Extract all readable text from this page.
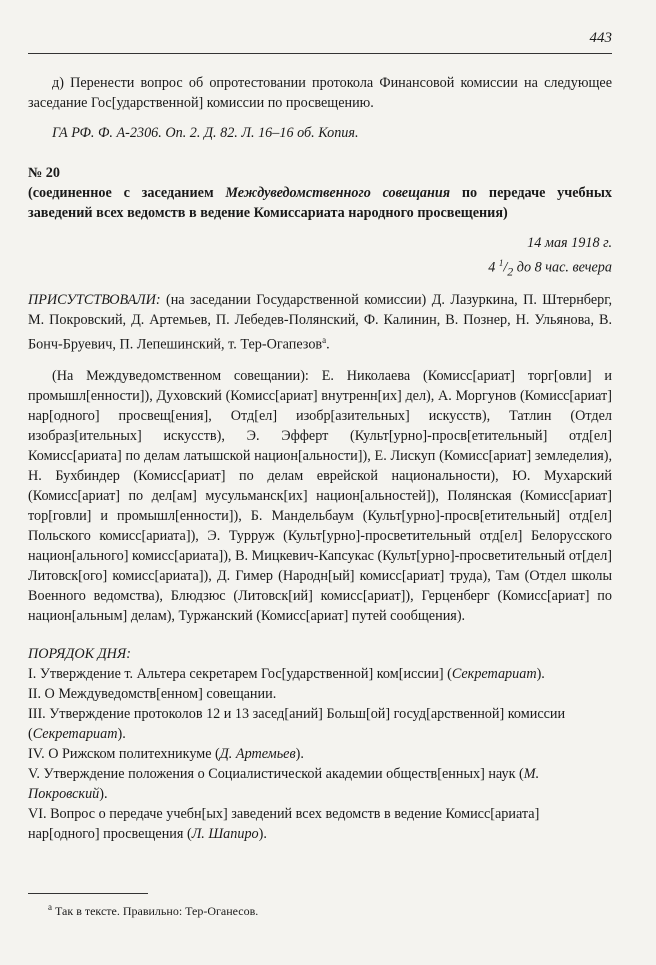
443

д) Перенести вопрос об опротестовании протокола Финансовой комиссии на следующее заседание Гос[ударственной] комиссии по просвещению.

ГА РФ. Ф. А-2306. Оп. 2. Д. 82. Л. 16–16 об. Копия.

№ 20

(соединенное с заседанием Междуведомственного совещания по передаче учебных заведений всех ведомств в ведение Комиссариата народного просвещения)

14 мая 1918 г.
4 $^1/_2$ до 8 час. вечера

ПРИСУТСТВОВАЛИ: (на заседании Государственной комиссии) Д. Лазуркина, П. Штернберг, М. Покровский, Д. Артемьев, П. Лебедев-Полянский, Ф. Калинин, В. Познер, Н. Ульянова, В. Бонч-Бруевич, П. Лепешинский, т. Тер-Огапезов$^а$.

(На Междуведомственном совещании): Е. Николаева (Комисс[ариат] торг[овли] и промышл[енности]), Духовский (Комисс[ариат] внутренн[их] дел), А. Моргунов (Комисс[ариат] нар[одного] просвещ[ения], Отд[ел] изобр[азительных] искусств), Татлин (Отдел изобраз[ительных] искусств), Э. Эфферт (Культ[урно]-просв[етительный] отд[ел] Комисс[ариата] по делам латышской национ[альности]), Е. Лискуп (Комисс[ариат] земледелия), Н. Бухбиндер (Комисс[ариат] по делам еврейской национальности), Ю. Мухарский (Комисс[ариат] по дел[ам] мусульманск[их] национ[альностей]), Полянская (Комисс[ариат] тор[говли] и промышл[енности]), Б. Мандельбаум (Культ[урно]-просв[етительный] отд[ел] Польского комисс[ариата]), Э. Турруж (Культ[урно]-просветительный отд[ел] Белорусского национ[ального] комисс[ариата]), В. Мицкевич-Капсукас (Культ[урно]-просветительный от[дел] Литовск[ого] комисс[ариата]), Д. Гимер (Народн[ый] комисс[ариат] труда), Там (Отдел школы Военного ведомства), Блюдзюс (Литовск[ий] комисс[ариат]), Герценберг (Комисс[ариат] по национ[альным] делам), Туржанский (Комисс[ариат] путей сообщения).

ПОРЯДОК ДНЯ:

I. Утверждение т. Альтера секретарем Гос[ударственной] ком[иссии] (Секретариат).

II. О Междуведомств[енном] совещании.

III. Утверждение протоколов 12 и 13 засед[аний] Больш[ой] госуд[арственной] комиссии (Секретариат).

IV. О Рижском политехникуме (Д. Артемьев).

V. Утверждение положения о Социалистической академии обществ[енных] наук (М. Покровский).

VI. Вопрос о передаче учебн[ых] заведений всех ведомств в ведение Комисс[ариата] нар[одного] просвещения (Л. Шапиро).

$^а$ Так в тексте. Правильно: Тер-Оганесов.
